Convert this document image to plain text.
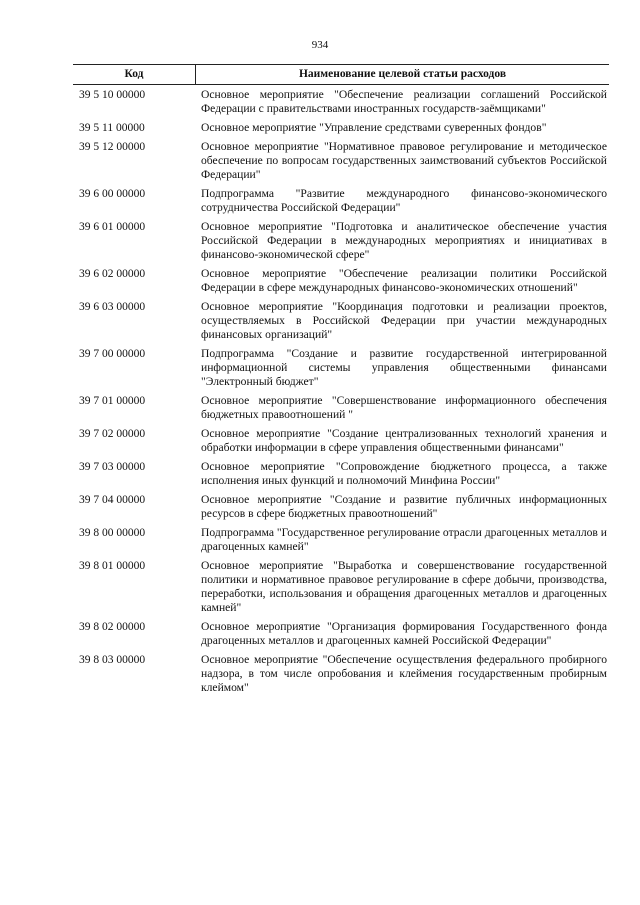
934
Код	Наименование целевой статьи расходов
39 5 10 00000	Основное мероприятие "Обеспечение реализации соглашений Российской Федерации с правительствами иностранных государств-заёмщиками"
39 5 11 00000	Основное мероприятие "Управление средствами суверенных фондов"
39 5 12 00000	Основное мероприятие "Нормативное правовое регулирование и методическое обеспечение по вопросам государственных заимствований субъектов Российской Федерации"
39 6 00 00000	Подпрограмма "Развитие международного финансово-экономического сотрудничества Российской Федерации"
39 6 01 00000	Основное мероприятие "Подготовка и аналитическое обеспечение участия Российской Федерации в международных мероприятиях и инициативах в финансово-экономической сфере"
39 6 02 00000	Основное мероприятие "Обеспечение реализации политики Российской Федерации в сфере международных финансово-экономических отношений"
39 6 03 00000	Основное мероприятие "Координация подготовки и реализации проектов, осуществляемых в Российской Федерации при участии международных финансовых организаций"
39 7 00 00000	Подпрограмма "Создание и развитие государственной интегрированной информационной системы управления общественными финансами "Электронный бюджет"
39 7 01 00000	Основное мероприятие "Совершенствование информационного обеспечения бюджетных правоотношений "
39 7 02 00000	Основное мероприятие "Создание централизованных технологий хранения и обработки информации в сфере управления общественными финансами"
39 7 03 00000	Основное мероприятие "Сопровождение бюджетного процесса, а также исполнения иных функций и полномочий Минфина России"
39 7 04 00000	Основное мероприятие "Создание и развитие публичных информационных ресурсов в сфере бюджетных правоотношений"
39 8 00 00000	Подпрограмма "Государственное регулирование отрасли драгоценных металлов и драгоценных камней"
39 8 01 00000	Основное мероприятие "Выработка и совершенствование государственной политики и нормативное правовое регулирование в сфере добычи, производства, переработки, использования и обращения драгоценных металлов и драгоценных камней"
39 8 02 00000	Основное мероприятие "Организация формирования Государственного фонда драгоценных металлов и драгоценных камней Российской Федерации"
39 8 03 00000	Основное мероприятие "Обеспечение осуществления федерального пробирного надзора, в том числе опробования и клеймения государственным пробирным клеймом"
